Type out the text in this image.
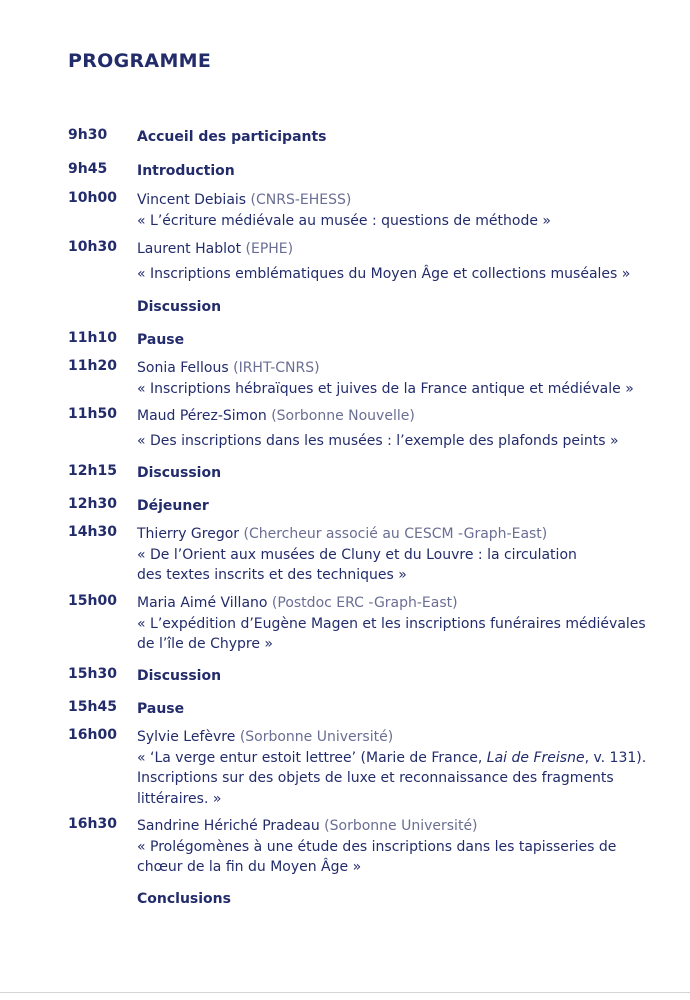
PROGRAMME
9h30 Accueil des participants
9h45 Introduction
10h00 Vincent Debiais (CNRS-EHESS)
« L’écriture médiévale au musée : questions de méthode »
10h30 Laurent Hablot (EPHE)
« Inscriptions emblématiques du Moyen Âge et collections muséales »
Discussion
11h10 Pause
11h20 Sonia Fellous (IRHT-CNRS)
« Inscriptions hébraïques et juives de la France antique et médiévale »
11h50 Maud Pérez-Simon (Sorbonne Nouvelle)
« Des inscriptions dans les musées : l’exemple des plafonds peints »
12h15 Discussion
12h30 Déjeuner
14h30 Thierry Gregor (Chercheur associé au CESCM -Graph-East)
« De l’Orient aux musées de Cluny et du Louvre : la circulation
des textes inscrits et des techniques »
15h00 Maria Aimé Villano (Postdoc ERC -Graph-East)
« L’expédition d’Eugène Magen et les inscriptions funéraires médiévales
de l’île de Chypre »
15h30 Discussion
15h45 Pause
16h00 Sylvie Lefèvre (Sorbonne Université)
« ‘La verge entur estoit lettree’ (Marie de France, Lai de Freisne, v. 131).
Inscriptions sur des objets de luxe et reconnaissance des fragments
littéraires. »
16h30 Sandrine Hériché Pradeau (Sorbonne Université)
« Prolégomènes à une étude des inscriptions dans les tapisseries de
chœur de la fin du Moyen Âge »
Conclusions
